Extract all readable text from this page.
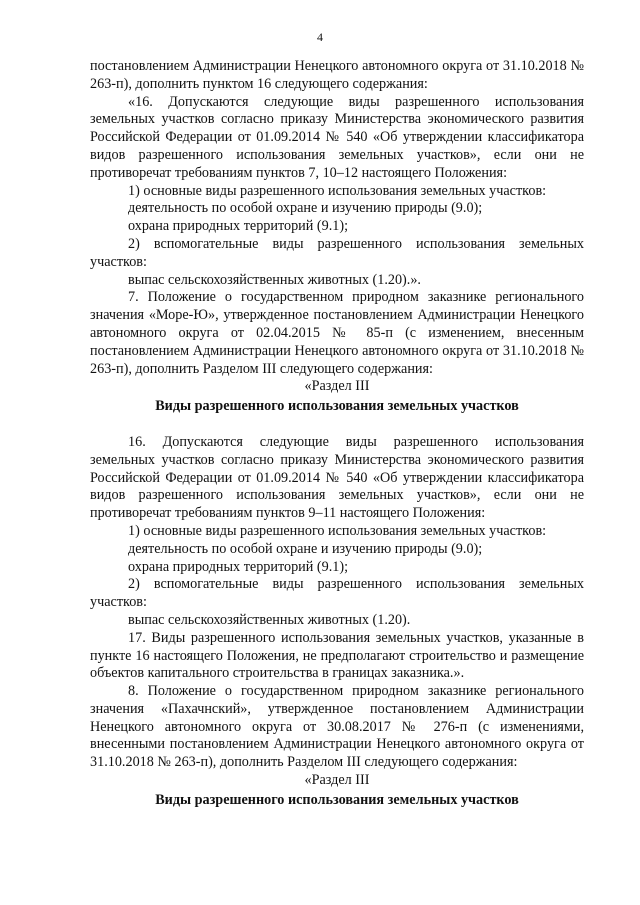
4

постановлением Администрации Ненецкого автономного округа от 31.10.2018 № 263-п), дополнить пунктом 16 следующего содержания:

«16. Допускаются следующие виды разрешенного использования земельных участков согласно приказу Министерства экономического развития Российской Федерации от 01.09.2014 № 540 «Об утверждении классификатора видов разрешенного использования земельных участков», если они не противоречат требованиям пунктов 7, 10–12 настоящего Положения:

1) основные виды разрешенного использования земельных участков:

деятельность по особой охране и изучению природы (9.0);

охрана природных территорий (9.1);

2) вспомогательные виды разрешенного использования земельных участков:

выпас сельскохозяйственных животных (1.20).».

7. Положение о государственном природном заказнике регионального значения «Море-Ю», утвержденное постановлением Администрации Ненецкого автономного округа от 02.04.2015 № 85-п (с изменением, внесенным постановлением Администрации Ненецкого автономного округа от 31.10.2018 № 263-п), дополнить Разделом III следующего содержания:

«Раздел III

Виды разрешенного использования земельных участков

16. Допускаются следующие виды разрешенного использования земельных участков согласно приказу Министерства экономического развития Российской Федерации от 01.09.2014 № 540 «Об утверждении классификатора видов разрешенного использования земельных участков», если они не противоречат требованиям пунктов 9–11 настоящего Положения:

1) основные виды разрешенного использования земельных участков:

деятельность по особой охране и изучению природы (9.0);

охрана природных территорий (9.1);

2) вспомогательные виды разрешенного использования земельных участков:

выпас сельскохозяйственных животных (1.20).

17. Виды разрешенного использования земельных участков, указанные в пункте 16 настоящего Положения, не предполагают строительство и размещение объектов капитального строительства в границах заказника.».

8. Положение о государственном природном заказнике регионального значения «Пахачнский», утвержденное постановлением Администрации Ненецкого автономного округа от 30.08.2017 № 276-п (с изменениями, внесенными постановлением Администрации Ненецкого автономного округа от 31.10.2018 № 263-п), дополнить Разделом III следующего содержания:

«Раздел III

Виды разрешенного использования земельных участков
